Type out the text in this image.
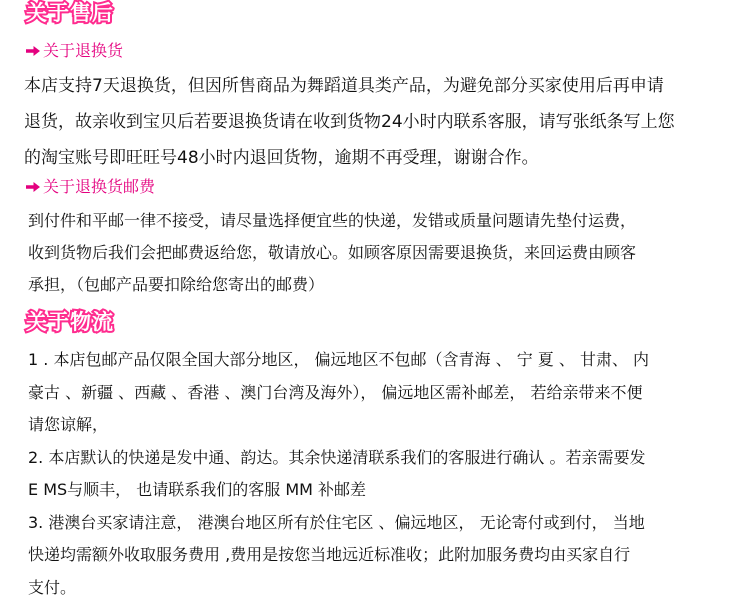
关于售后
关于退换货
本店支持7天退换货，但因所售商品为舞蹈道具类产品，为避免部分买家使用后再申请
退货，故亲收到宝贝后若要退换货请在收到货物24小时内联系客服，请写张纸条写上您
的淘宝账号即旺旺号48小时内退回货物，逾期不再受理，谢谢合作。
关于退换货邮费
到付件和平邮一律不接受，请尽量选择便宜些的快递，发错或质量问题请先垫付运费，
收到货物后我们会把邮费返给您，敬请放心。如顾客原因需要退换货，来回运费由顾客
承担，（包邮产品要扣除给您寄出的邮费）
关于物流
1 . 本店包邮产品仅限全国大部分地区， 偏远地区不包邮（含青海 、 宁 夏 、 甘肃、 内
豪古 、新疆 、西藏 、香港 、澳门台湾及海外）， 偏远地区需补邮差， 若给亲带来不便
请您谅解，
2. 本店默认的快递是发中通、韵达。其余快递清联系我们的客服进行确认 。若亲需要发
E MS与顺丰， 也请联系我们的客服 MM 补邮差
3. 港澳台买家请注意， 港澳台地区所有於住宅区 、偏远地区， 无论寄付或到付， 当地
快递均需额外收取服务费用 ,费用是按您当地远近标准收；此附加服务费均由买家自行
支付。
